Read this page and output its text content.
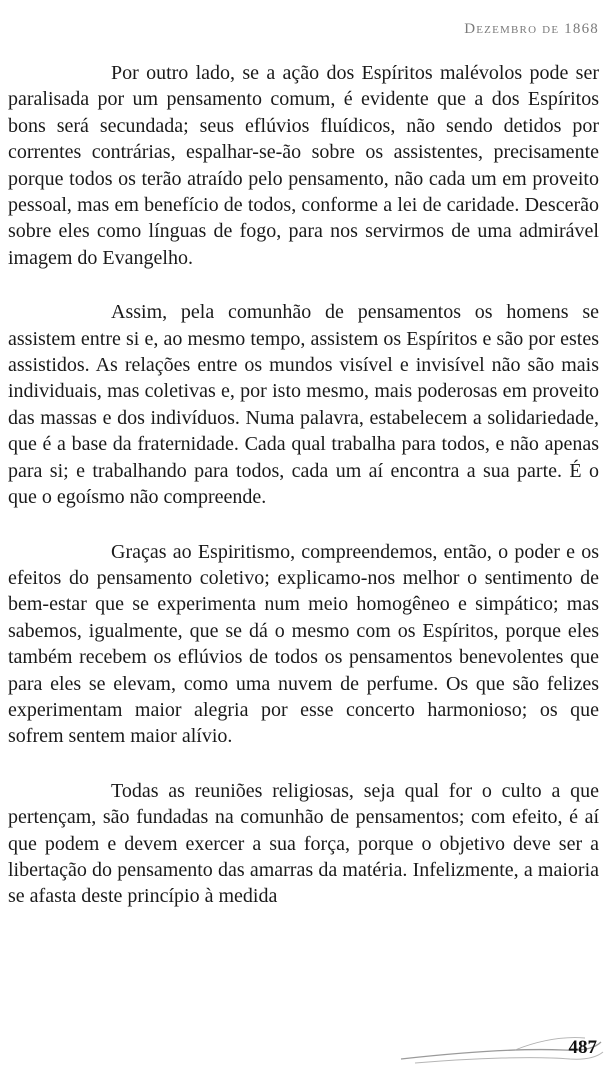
Dezembro de 1868

Por outro lado, se a ação dos Espíritos malévolos pode ser paralisada por um pensamento comum, é evidente que a dos Espíritos bons será secundada; seus eflúvios fluídicos, não sendo detidos por correntes contrárias, espalhar-se-ão sobre os assistentes, precisamente porque todos os terão atraído pelo pensamento, não cada um em proveito pessoal, mas em benefício de todos, conforme a lei de caridade. Descerão sobre eles como línguas de fogo, para nos servirmos de uma admirável imagem do Evangelho.

Assim, pela comunhão de pensamentos os homens se assistem entre si e, ao mesmo tempo, assistem os Espíritos e são por estes assistidos. As relações entre os mundos visível e invisível não são mais individuais, mas coletivas e, por isto mesmo, mais poderosas em proveito das massas e dos indivíduos. Numa palavra, estabelecem a solidariedade, que é a base da fraternidade. Cada qual trabalha para todos, e não apenas para si; e trabalhando para todos, cada um aí encontra a sua parte. É o que o egoísmo não compreende.

Graças ao Espiritismo, compreendemos, então, o poder e os efeitos do pensamento coletivo; explicamo-nos melhor o sentimento de bem-estar que se experimenta num meio homogêneo e simpático; mas sabemos, igualmente, que se dá o mesmo com os Espíritos, porque eles também recebem os eflúvios de todos os pensamentos benevolentes que para eles se elevam, como uma nuvem de perfume. Os que são felizes experimentam maior alegria por esse concerto harmonioso; os que sofrem sentem maior alívio.

Todas as reuniões religiosas, seja qual for o culto a que pertençam, são fundadas na comunhão de pensamentos; com efeito, é aí que podem e devem exercer a sua força, porque o objetivo deve ser a libertação do pensamento das amarras da matéria. Infelizmente, a maioria se afasta deste princípio à medida

487
